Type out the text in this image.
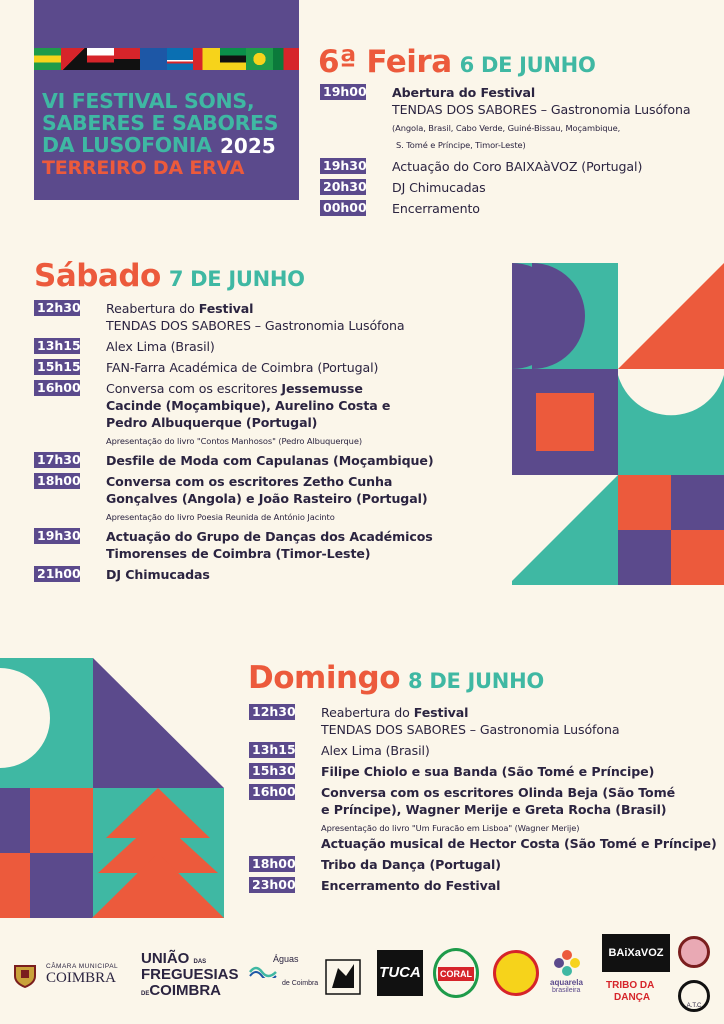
VI FESTIVAL SONS,
SABERES E SABORES
DA LUSOFONIA 2025
TERREIRO DA ERVA
6ª Feira 6 DE JUNHO
19h00 Abertura do Festival
TENDAS DOS SABORES – Gastronomia Lusófona
(Angola, Brasil, Cabo Verde, Guiné-Bissau, Moçambique,
S. Tomé e Príncipe, Timor-Leste)
19h30 Actuação do Coro BAIXAàVOZ (Portugal)
20h30 DJ Chimucadas
00h00 Encerramento
Sábado 7 DE JUNHO
12h30 Reabertura do Festival
TENDAS DOS SABORES – Gastronomia Lusófona
13h15 Alex Lima (Brasil)
15h15 FAN-Farra Académica de Coimbra (Portugal)
16h00 Conversa com os escritores Jessemusse
Cacinde (Moçambique), Aurelino Costa e
Pedro Albuquerque (Portugal)
Apresentação do livro "Contos Manhosos" (Pedro Albuquerque)
17h30 Desfile de Moda com Capulanas (Moçambique)
18h00 Conversa com os escritores Zetho Cunha
Gonçalves (Angola) e João Rasteiro (Portugal)
Apresentação do livro Poesia Reunida de António Jacinto
19h30 Actuação do Grupo de Danças dos Académicos
Timorenses de Coimbra (Timor-Leste)
21h00 DJ Chimucadas
Domingo 8 DE JUNHO
12h30 Reabertura do Festival
TENDAS DOS SABORES – Gastronomia Lusófona
13h15 Alex Lima (Brasil)
15h30 Filipe Chiolo e sua Banda (São Tomé e Príncipe)
16h00 Conversa com os escritores Olinda Beja (São Tomé
e Príncipe), Wagner Merije e Greta Rocha (Brasil)
Apresentação do livro "Um Furacão em Lisboa" (Wagner Merije)
Actuação musical de Hector Costa (São Tomé e Príncipe)
18h00 Tribo da Dança (Portugal)
23h00 Encerramento do Festival
CÂMARA MUNICIPAL
COIMBRA
UNIÃO DAS
FREGUESIAS
DECOIMBRA
Águas
de Coimbra
TUCA CORAL
aquarela
brasileira
BAiXaVOZ
TRIBO DA
DANÇA
A.T.C
